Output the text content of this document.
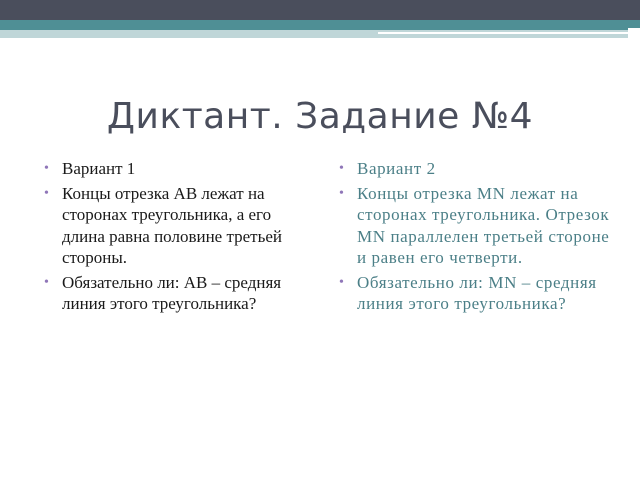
Диктант. Задание №4
• Вариант 1
• Концы отрезка AB лежат на сторонах треугольника, а его длина равна половине третьей стороны.
• Обязательно ли: AB – средняя линия этого треугольника?
• Вариант 2
• Концы отрезка MN лежат на сторонах треугольника. Отрезок MN параллелен третьей стороне и равен его четверти.
• Обязательно ли: MN – средняя линия этого треугольника?
